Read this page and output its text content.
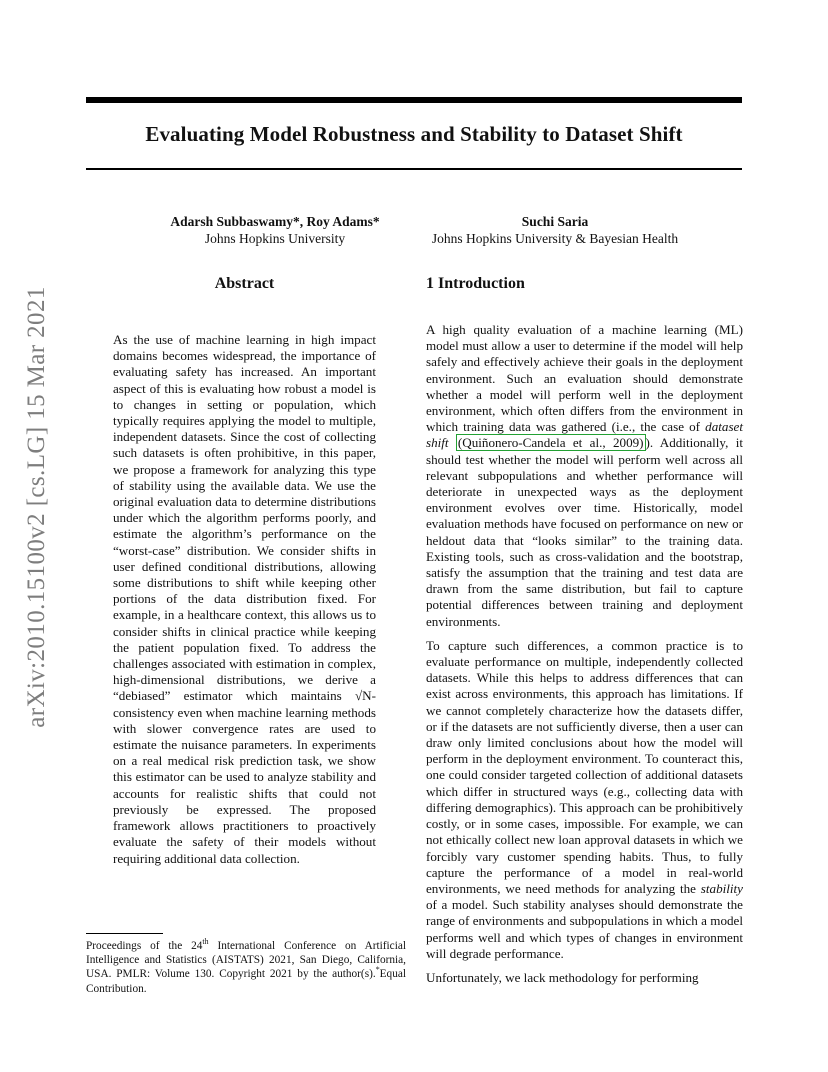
Evaluating Model Robustness and Stability to Dataset Shift
Adarsh Subbaswamy*, Roy Adams*
Johns Hopkins University
Suchi Saria
Johns Hopkins University & Bayesian Health
arXiv:2010.15100v2 [cs.LG] 15 Mar 2021
Abstract
As the use of machine learning in high impact domains becomes widespread, the importance of evaluating safety has increased. An important aspect of this is evaluating how robust a model is to changes in setting or population, which typically requires applying the model to multiple, independent datasets. Since the cost of collecting such datasets is often prohibitive, in this paper, we propose a framework for analyzing this type of stability using the available data. We use the original evaluation data to determine distributions under which the algorithm performs poorly, and estimate the algorithm’s performance on the “worst-case” distribution. We consider shifts in user defined conditional distributions, allowing some distributions to shift while keeping other portions of the data distribution fixed. For example, in a healthcare context, this allows us to consider shifts in clinical practice while keeping the patient population fixed. To address the challenges associated with estimation in complex, high-dimensional distributions, we derive a “debiased” estimator which maintains √N-consistency even when machine learning methods with slower convergence rates are used to estimate the nuisance parameters. In experiments on a real medical risk prediction task, we show this estimator can be used to analyze stability and accounts for realistic shifts that could not previously be expressed. The proposed framework allows practitioners to proactively evaluate the safety of their models without requiring additional data collection.
1 Introduction

A high quality evaluation of a machine learning (ML) model must allow a user to determine if the model will help safely and effectively achieve their goals in the deployment environment. Such an evaluation should demonstrate whether a model will perform well in the deployment environment, which often differs from the environment in which training data was gathered (i.e., the case of dataset shift (Quiñonero-Candela et al., 2009) ). Additionally, it should test whether the model will perform well across all relevant subpopulations and whether performance will deteriorate in unexpected ways as the deployment environment evolves over time. Historically, model evaluation methods have focused on performance on new or heldout data that “looks similar” to the training data. Existing tools, such as cross-validation and the bootstrap, satisfy the assumption that the training and test data are drawn from the same distribution, but fail to capture potential differences between training and deployment environments.

To capture such differences, a common practice is to evaluate performance on multiple, independently collected datasets. While this helps to address differences that can exist across environments, this approach has limitations. If we cannot completely characterize how the datasets differ, or if the datasets are not sufficiently diverse, then a user can draw only limited conclusions about how the model will perform in the deployment environment. To counteract this, one could consider targeted collection of additional datasets which differ in structured ways (e.g., collecting data with differing demographics). This approach can be prohibitively costly, or in some cases, impossible. For example, we can not ethically collect new loan approval datasets in which we forcibly vary customer spending habits. Thus, to fully capture the performance of a model in real-world environments, we need methods for analyzing the stability of a model. Such stability analyses should demonstrate the range of environments and subpopulations in which a model performs well and which types of changes in environment will degrade performance.

Unfortunately, we lack methodology for performing

Proceedings of the 24th International Conference on Artificial Intelligence and Statistics (AISTATS) 2021, San Diego, California, USA. PMLR: Volume 130. Copyright 2021 by the author(s).*Equal Contribution.
